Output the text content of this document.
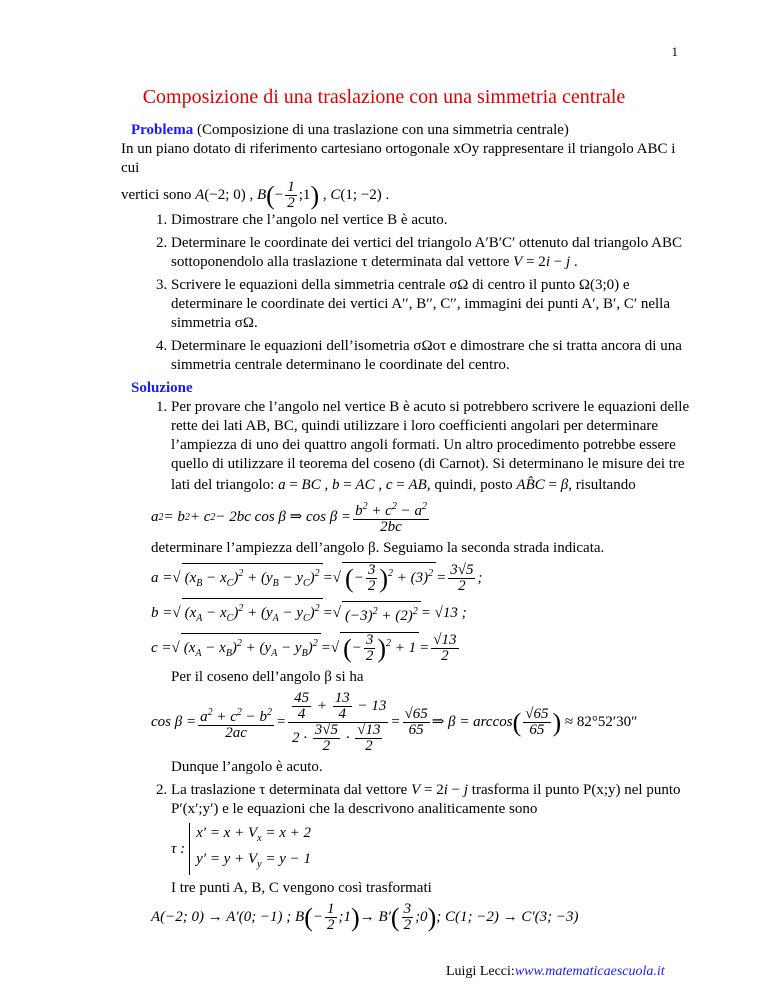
1
Composizione di una traslazione con una simmetria centrale

Problema (Composizione di una traslazione con una simmetria centrale)

In un piano dotato di riferimento cartesiano ortogonale xOy rappresentare il triangolo ABC i cui

vertici sono A(−2; 0) , $B(- \frac{1}{2}$ ;1) , C(1; −2) .

1. Dimostrare che l’angolo nel vertice B è acuto.
2. Determinare le coordinate dei vertici del triangolo A′B′C′ ottenuto dal triangolo ABC sottoponendolo alla traslazione τ determinata dal vettore V = 2i − j .
3. Scrivere le equazioni della simmetria centrale σΩ di centro il punto Ω(3;0) e determinare le coordinate dei vertici A′′, B′′, C′′, immagini dei punti A′, B′, C′ nella simmetria σΩ.
4. Determinare le equazioni dell’isometria σΩoτ e dimostrare che si tratta ancora di una simmetria centrale determinano le coordinate del centro.

Soluzione

1. Per provare che l’angolo nel vertice B è acuto si potrebbero scrivere le equazioni delle rette dei lati AB, BC, quindi utilizzare i loro coefficienti angolari per determinare l’ampiezza di uno dei quattro angoli formati. Un altro procedimento potrebbe essere quello di utilizzare il teorema del coseno (di Carnot). Si determinano le misure dei tre
lati del triangolo: a = BC , b = AC , c = AB, quindi, posto AB̂C = β, risultando
a 2 = b 2 + c 2 − 2bc cos β ⇒ $\cos \beta = \frac{b^2 + c^2 - a^2}{2bc}$
determinare l’ampiezza dell’angolo β. Seguiamo la seconda strada indicata.
a = √ $(x_B - x_C)^2 + (y_B - y_C)^2$ = √ (− $\frac{3}{2} )^2 + (3)^2 = \frac{3√5}{2}$ ;
b = √ $(x_A - x_C)^2 + (y_A - y_C)^2$ = √ $(-3)^2 + (2)^2 = √13$ ;
c = √ $(x_A - x_B)^2 + (y_A - y_B)^2$ = √ (− $\frac{3}{2} )^2 + 1 = \frac{√13}{2}$
Per il coseno dell’angolo β si ha
$\cos \beta = \frac{a^2 + c^2 - b^2}{2ac} = \frac{\frac{45}{4} + \frac{13}{4} - 13}{2 \cdot \frac{3√5}{2} \cdot \frac{√13}{2}} = \frac{√65}{65}$ ⇒ β = arccos ( $\frac{√65}{65}$ )
≈ 82°52′30″
Dunque l’angolo è acuto.
2. La traslazione τ determinata dal vettore V = 2i − j trasforma il punto P(x;y) nel punto P′(x′;y′) e le equazioni che la descrivono analiticamente sono
τ :
$x' = x + V_x = x + 2$
$y' = y + V_y = y - 1$
I tre punti A, B, C vengono così trasformati
A(−2; 0) → A′(0; −1) ; B ( − $\frac{1}{2}$ ;1 ) → B′ ( $\frac{3}{2}$ ;0 ) ; C(1; −2) → C′(3; −3)
Luigi Lecci:www.matematicaescuola.it
